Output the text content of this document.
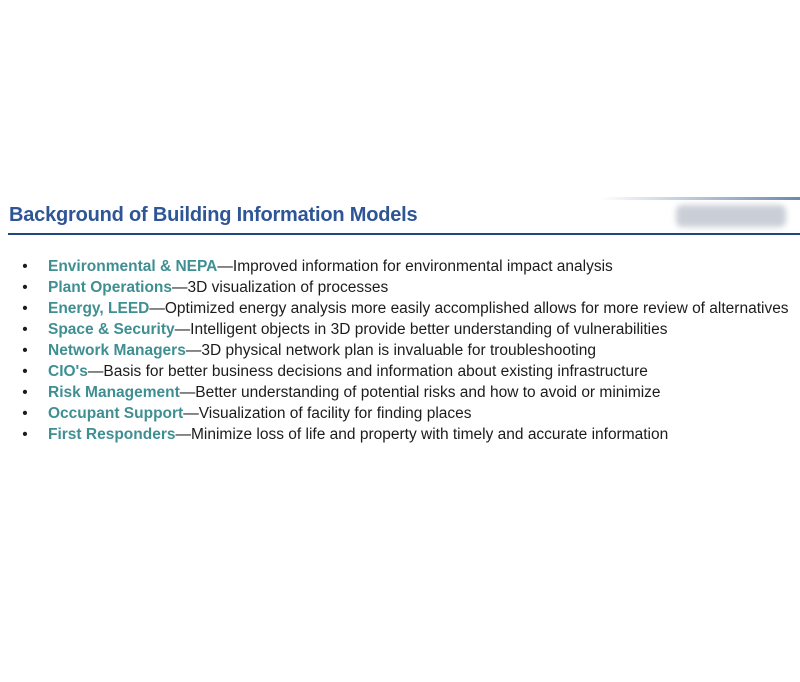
Background of Building Information Models
• Environmental & NEPA—Improved information for environmental impact analysis
• Plant Operations—3D visualization of processes
• Energy, LEED—Optimized energy analysis more easily accomplished allows for more review of alternatives
• Space & Security—Intelligent objects in 3D provide better understanding of vulnerabilities
• Network Managers—3D physical network plan is invaluable for troubleshooting
• CIO's—Basis for better business decisions and information about existing infrastructure
• Risk Management—Better understanding of potential risks and how to avoid or minimize
• Occupant Support—Visualization of facility for finding places
• First Responders—Minimize loss of life and property with timely and accurate information
